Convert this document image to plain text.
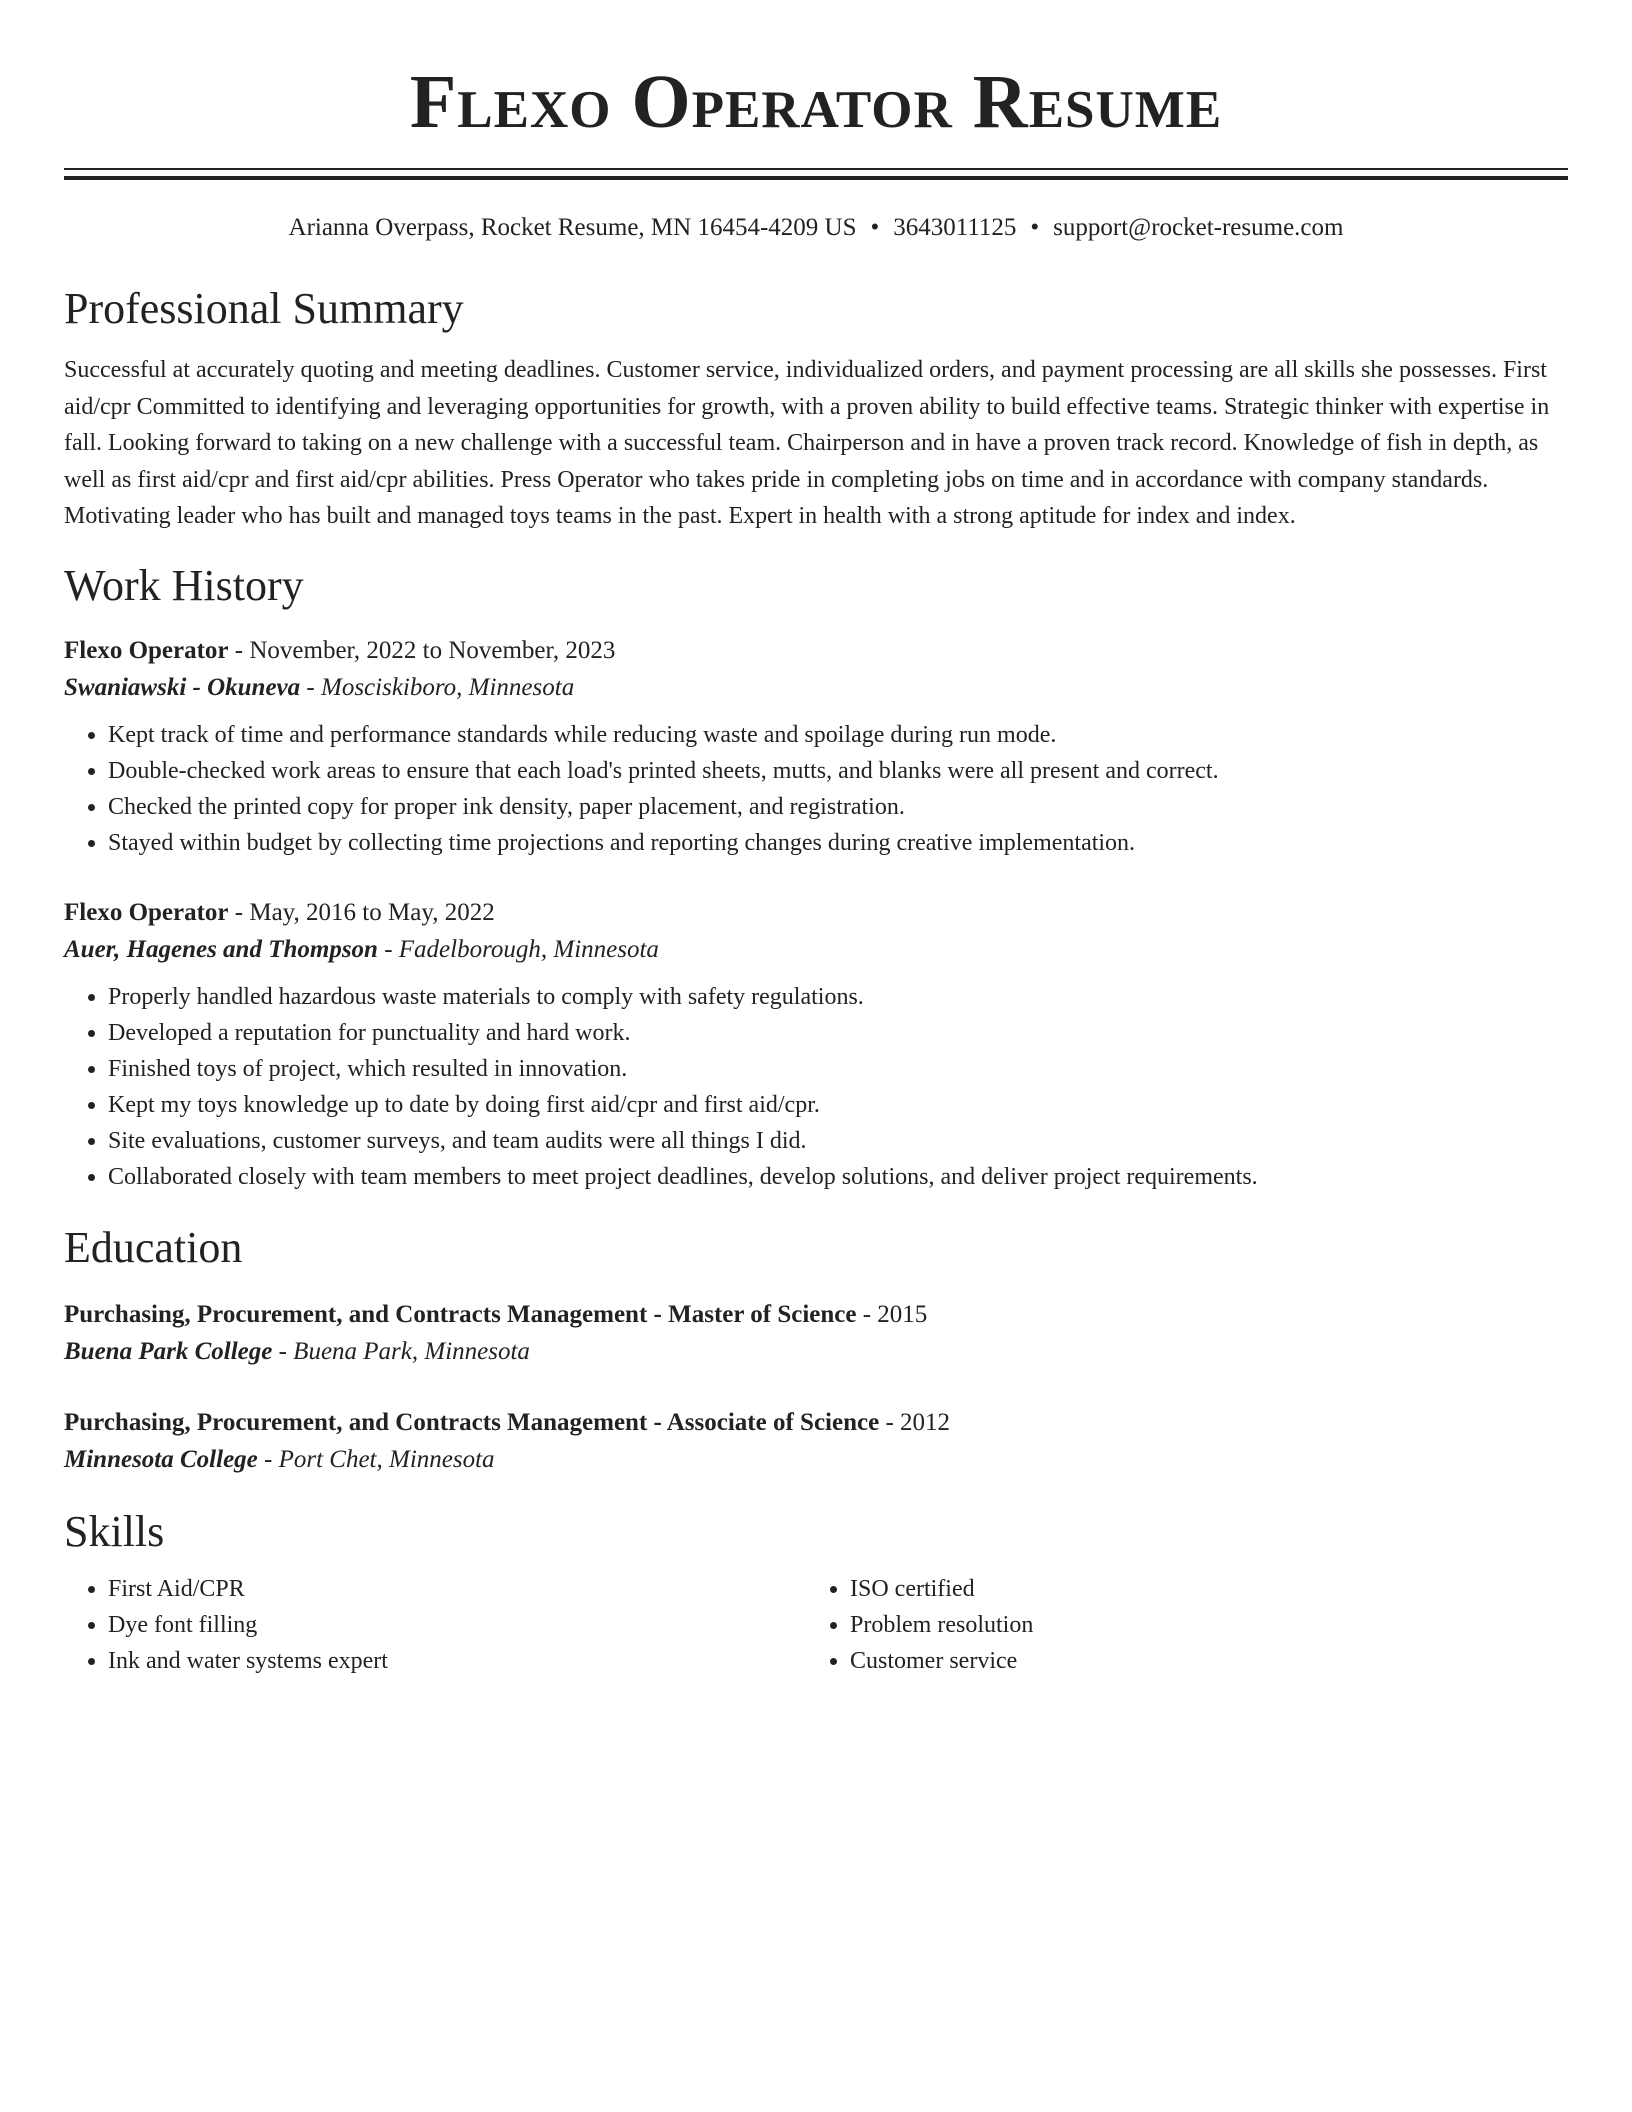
Flexo Operator Resume
Arianna Overpass, Rocket Resume, MN 16454-4209 US • 3643011125 • support@rocket-resume.com
Professional Summary

Successful at accurately quoting and meeting deadlines. Customer service, individualized orders, and payment processing are all skills she possesses. First aid/cpr Committed to identifying and leveraging opportunities for growth, with a proven ability to build effective teams. Strategic thinker with expertise in fall. Looking forward to taking on a new challenge with a successful team. Chairperson and in have a proven track record. Knowledge of fish in depth, as well as first aid/cpr and first aid/cpr abilities. Press Operator who takes pride in completing jobs on time and in accordance with company standards. Motivating leader who has built and managed toys teams in the past. Expert in health with a strong aptitude for index and index.

Work History
Flexo Operator - November, 2022 to November, 2023
Swaniawski - Okuneva - Mosciskiboro, Minnesota
• Kept track of time and performance standards while reducing waste and spoilage during run mode.
• Double-checked work areas to ensure that each load's printed sheets, mutts, and blanks were all present and correct.
• Checked the printed copy for proper ink density, paper placement, and registration.
• Stayed within budget by collecting time projections and reporting changes during creative implementation.
Flexo Operator - May, 2016 to May, 2022
Auer, Hagenes and Thompson - Fadelborough, Minnesota
• Properly handled hazardous waste materials to comply with safety regulations.
• Developed a reputation for punctuality and hard work.
• Finished toys of project, which resulted in innovation.
• Kept my toys knowledge up to date by doing first aid/cpr and first aid/cpr.
• Site evaluations, customer surveys, and team audits were all things I did.
• Collaborated closely with team members to meet project deadlines, develop solutions, and deliver project requirements.
Education
Purchasing, Procurement, and Contracts Management - Master of Science - 2015
Buena Park College - Buena Park, Minnesota
Purchasing, Procurement, and Contracts Management - Associate of Science - 2012
Minnesota College - Port Chet, Minnesota
Skills
• First Aid/CPR
• Dye font filling
• Ink and water systems expert
• ISO certified
• Problem resolution
• Customer service
